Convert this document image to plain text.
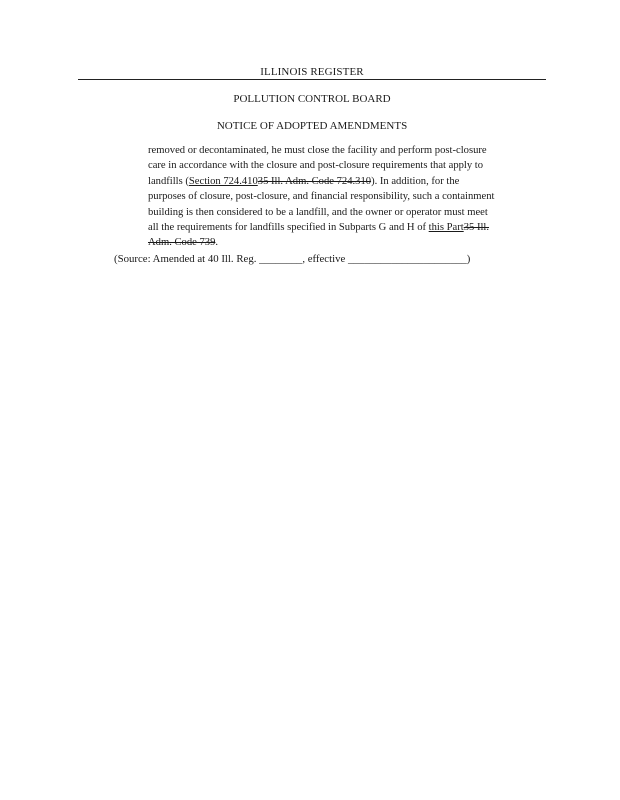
ILLINOIS REGISTER
POLLUTION CONTROL BOARD
NOTICE OF ADOPTED AMENDMENTS
removed or decontaminated, he must close the facility and perform post-closure
care in accordance with the closure and post-closure requirements that apply to
landfills (Section 724.41035 Ill. Adm. Code 724.310). In addition, for the
purposes of closure, post-closure, and financial responsibility, such a containment
building is then considered to be a landfill, and the owner or operator must meet
all the requirements for landfills specified in Subparts G and H of this Part35 Ill.
Adm. Code 739.
(Source: Amended at 40 Ill. Reg. ________, effective ______________________)
